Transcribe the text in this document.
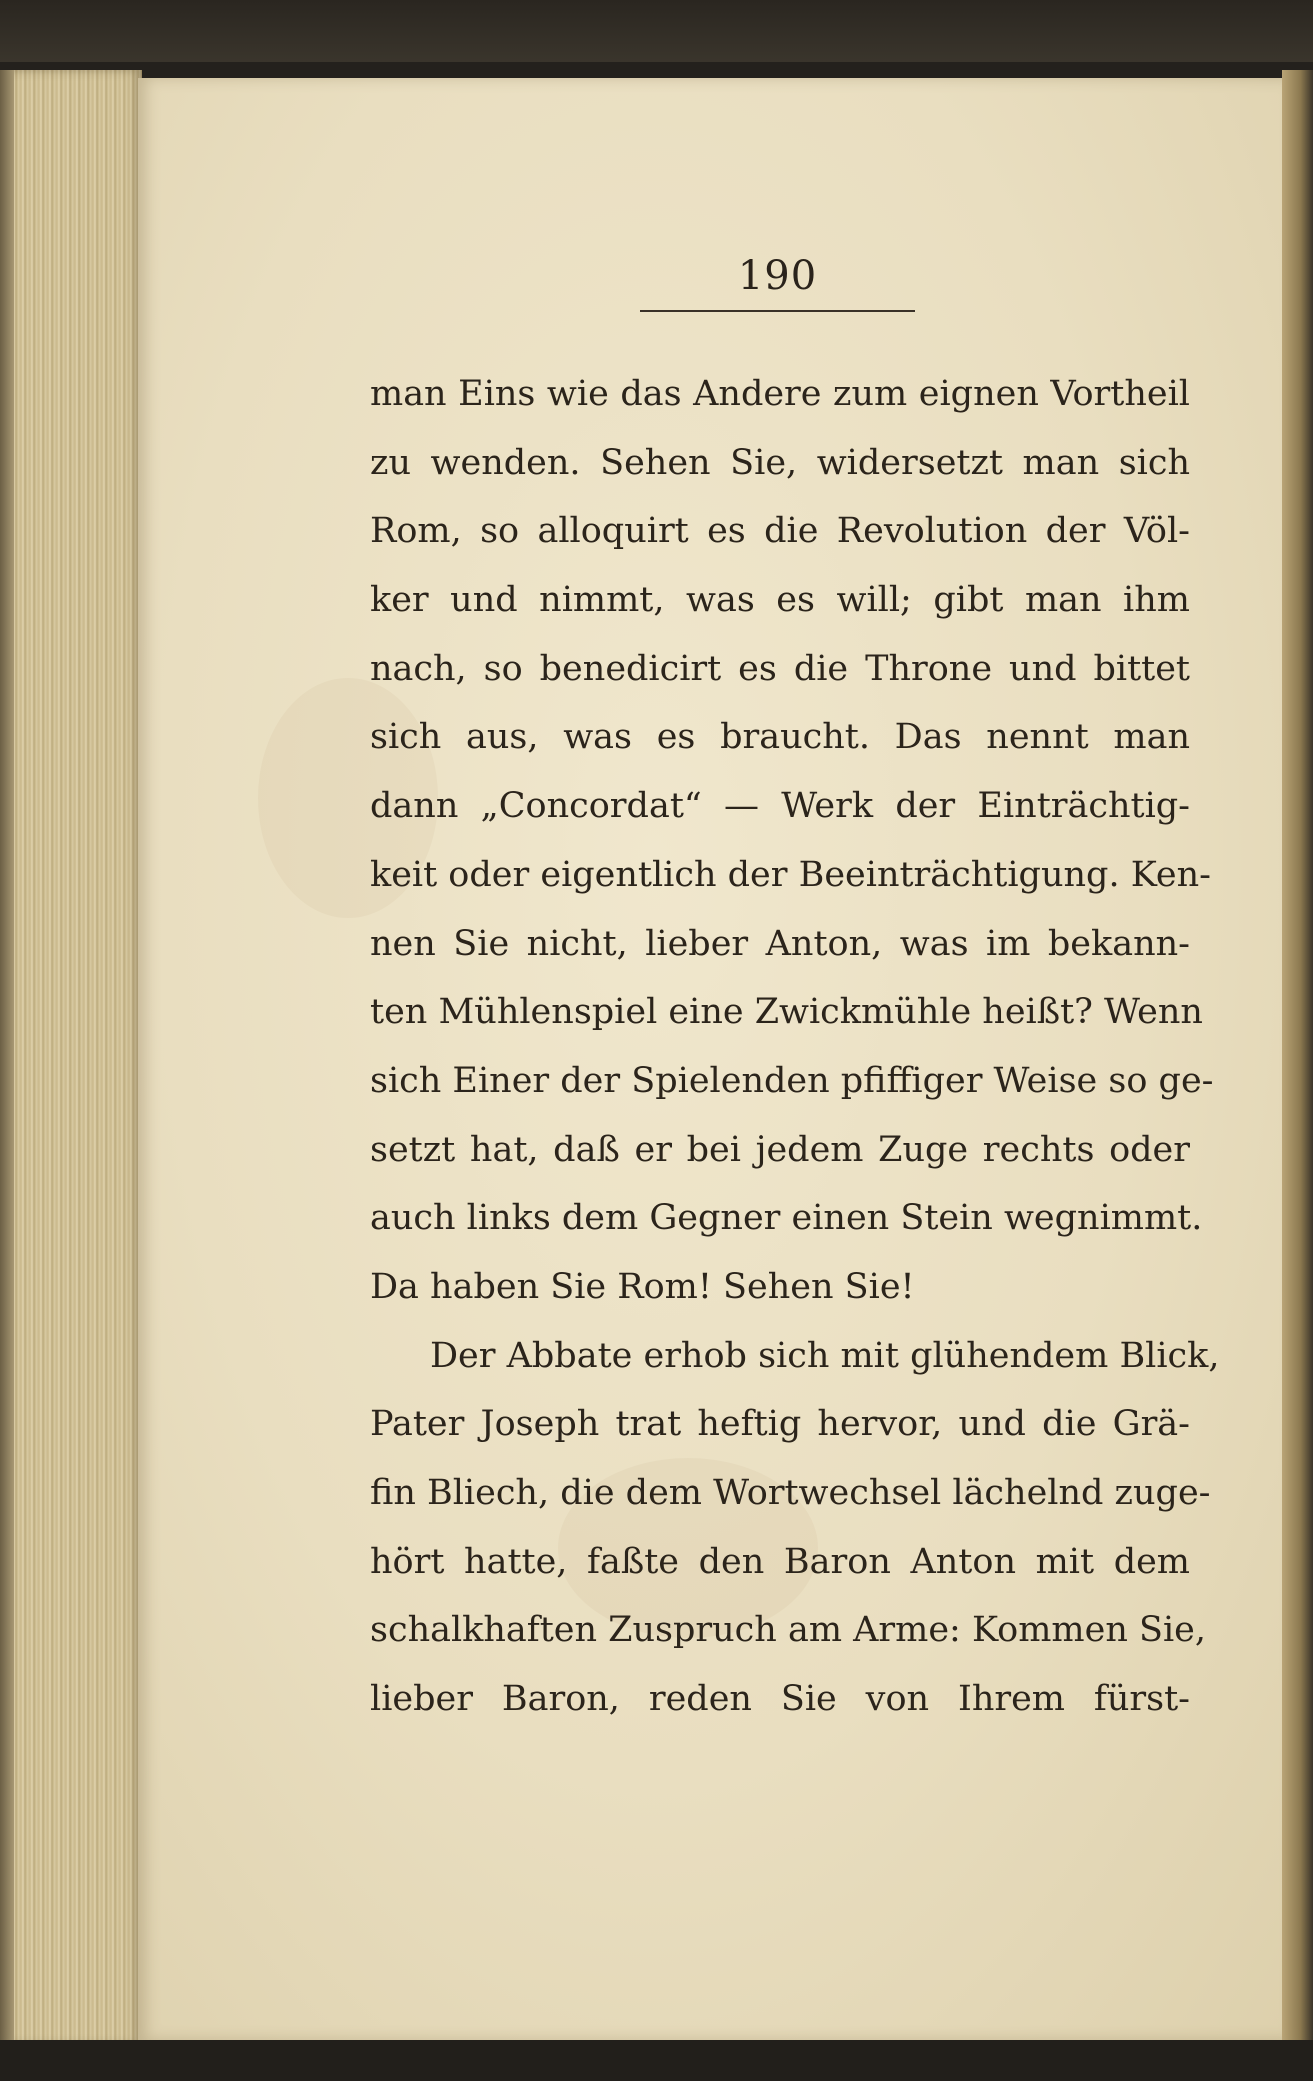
190
man Eins wie das Andere zum eignen Vortheil
zu wenden. Sehen Sie, widersetzt man sich
Rom, so alloquirt es die Revolution der Völ-
ker und nimmt, was es will; gibt man ihm
nach, so benedicirt es die Throne und bittet
sich aus, was es braucht. Das nennt man
dann „Concordat“ — Werk der Einträchtig-
keit oder eigentlich der Beeinträchtigung. Ken-
nen Sie nicht, lieber Anton, was im bekann-
ten Mühlenspiel eine Zwickmühle heißt? Wenn
sich Einer der Spielenden pfiffiger Weise so ge-
setzt hat, daß er bei jedem Zuge rechts oder
auch links dem Gegner einen Stein wegnimmt.
Da haben Sie Rom! Sehen Sie!
Der Abbate erhob sich mit glühendem Blick,
Pater Joseph trat heftig hervor, und die Grä-
fin Bliech, die dem Wortwechsel lächelnd zuge-
hört hatte, faßte den Baron Anton mit dem
schalkhaften Zuspruch am Arme: Kommen Sie,
lieber Baron, reden Sie von Ihrem fürst-
